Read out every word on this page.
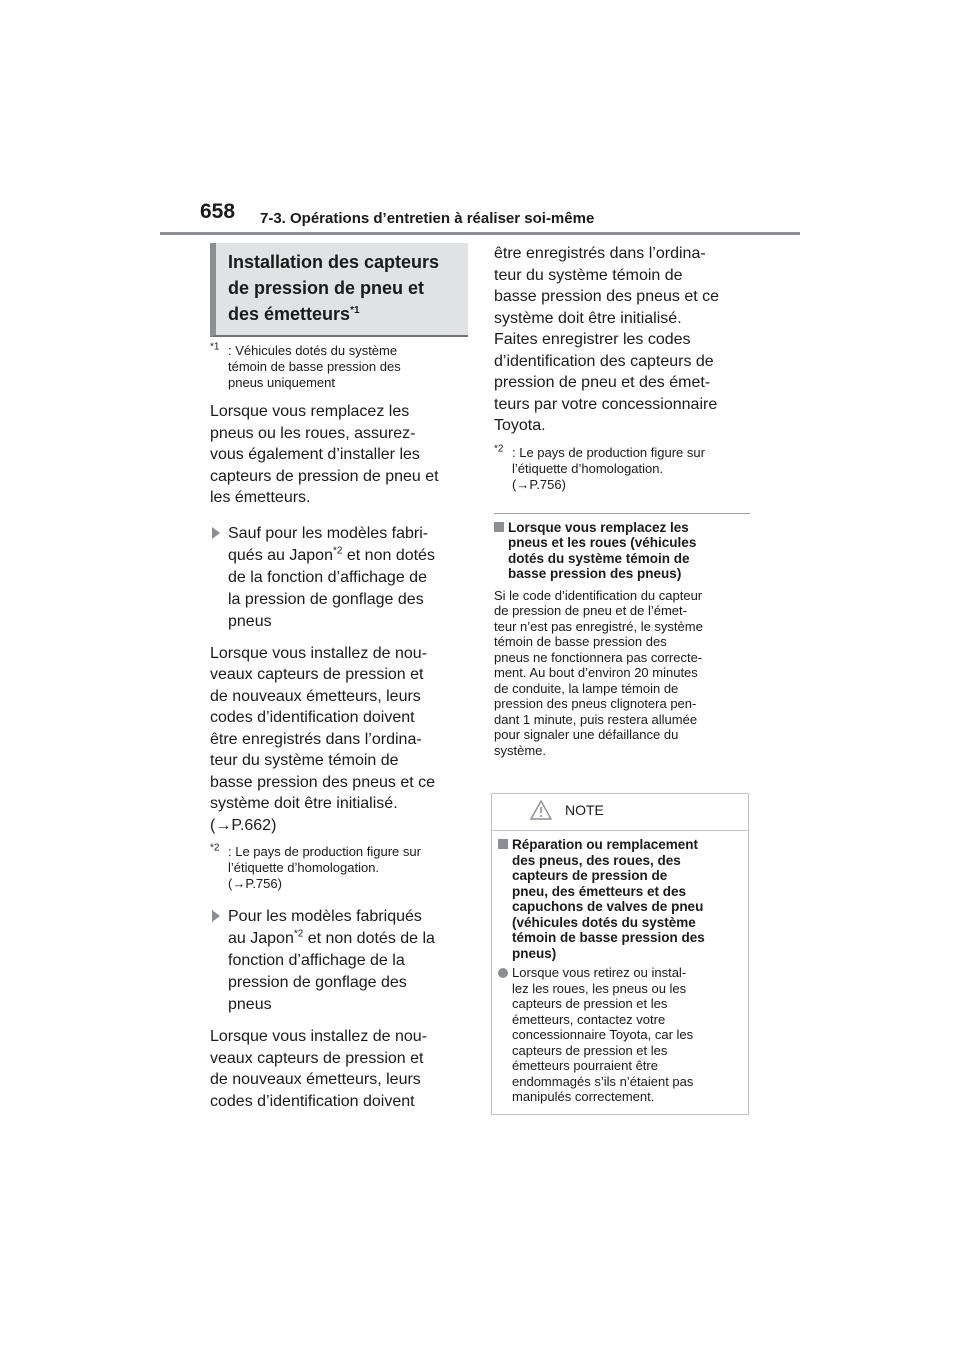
658 7-3. Opérations d’entretien à réaliser soi-même
Installation des capteurs
de pression de pneu et
des émetteurs$^{*1}$
$^{*1}$ : Véhicules dotés du système
témoin de basse pression des
pneus uniquement

Lorsque vous remplacez les
pneus ou les roues, assurez-
vous également d’installer les
capteurs de pression de pneu et
les émetteurs.

Sauf pour les modèles fabri-
qués au Japon$^{*2}$ et non dotés
de la fonction d’affichage de
la pression de gonflage des
pneus

Lorsque vous installez de nou-
veaux capteurs de pression et
de nouveaux émetteurs, leurs
codes d’identification doivent
être enregistrés dans l’ordina-
teur du système témoin de
basse pression des pneus et ce
système doit être initialisé.
(→P.662)

$^{*2}$ : Le pays de production figure sur
l’étiquette d’homologation.
(→P.756)
Pour les modèles fabriqués
au Japon$^{*2}$ et non dotés de la
fonction d’affichage de la
pression de gonflage des
pneus

Lorsque vous installez de nou-
veaux capteurs de pression et
de nouveaux émetteurs, leurs
codes d’identification doivent

être enregistrés dans l’ordina-
teur du système témoin de
basse pression des pneus et ce
système doit être initialisé.
Faites enregistrer les codes
d’identification des capteurs de
pression de pneu et des émet-
teurs par votre concessionnaire
Toyota.

$^{*2}$ : Le pays de production figure sur
l’étiquette d’homologation.
(→P.756)

Lorsque vous remplacez les
pneus et les roues (véhicules
dotés du système témoin de
basse pression des pneus)

Si le code d’identification du capteur
de pression de pneu et de l’émet-
teur n’est pas enregistré, le système
témoin de basse pression des
pneus ne fonctionnera pas correcte-
ment. Au bout d’environ 20 minutes
de conduite, la lampe témoin de
pression des pneus clignotera pen-
dant 1 minute, puis restera allumée
pour signaler une défaillance du
système.

NOTE

Réparation ou remplacement
des pneus, des roues, des
capteurs de pression de
pneu, des émetteurs et des
capuchons de valves de pneu
(véhicules dotés du système
témoin de basse pression des
pneus)

Lorsque vous retirez ou instal-
lez les roues, les pneus ou les
capteurs de pression et les
émetteurs, contactez votre
concessionnaire Toyota, car les
capteurs de pression et les
émetteurs pourraient être
endommagés s’ils n’étaient pas
manipulés correctement.
